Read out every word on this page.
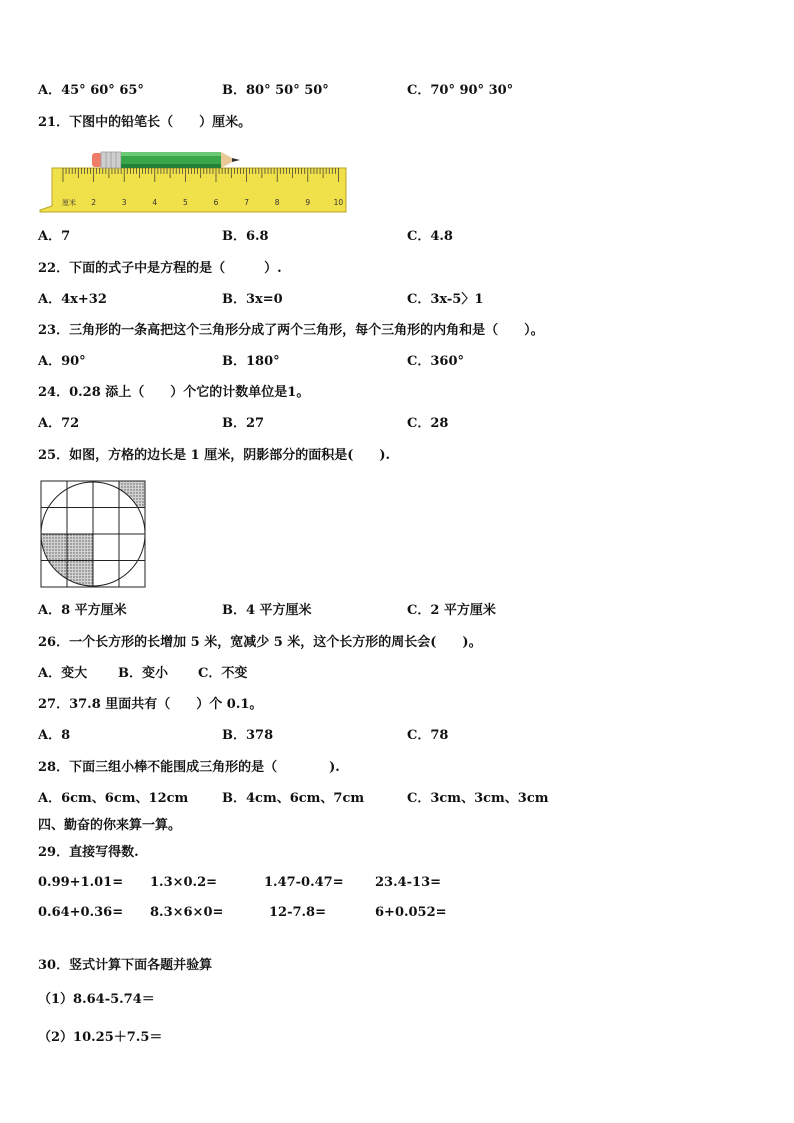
A．45° 60° 65°	B．80° 50° 50°	C．70° 90° 30°
21．下图中的铅笔长（　　）厘米。
厘米 2	3	4	5	6	7	8	9	10
A．7	B．6.8	C．4.8
22．下面的式子中是方程的是（　　　）.
A．4x+32	B．3x=0	C．3x-5〉1
23．三角形的一条高把这个三角形分成了两个三角形，每个三角形的内角和是（　　）。
A．90°	B．180°	C．360°
24．0.28 添上（　　）个它的计数单位是1。
A．72	B．27	C．28
25．如图，方格的边长是 1 厘米，阴影部分的面积是(　　).
A．8 平方厘米	B．4 平方厘米	C．2 平方厘米
26．一个长方形的长增加 5 米，宽减少 5 米，这个长方形的周长会(　　)。
A．变大 B．变小 C．不变
27．37.8 里面共有（　　）个 0.1。
A．8	B．378	C．78
28．下面三组小棒不能围成三角形的是（　　　　).
A．6cm、6cm、12cm	B．4cm、6cm、7cm	C．3cm、3cm、3cm
四、勤奋的你来算一算。
29．直接写得数.
0.99+1.01= 1.3×0.2=	1.47-0.47= 23.4-13=
0.64+0.36= 8.3×6×0=	12-7.8=	6+0.052=
30．竖式计算下面各题并验算
（1）8.64-5.74＝
（2）10.25＋7.5＝
